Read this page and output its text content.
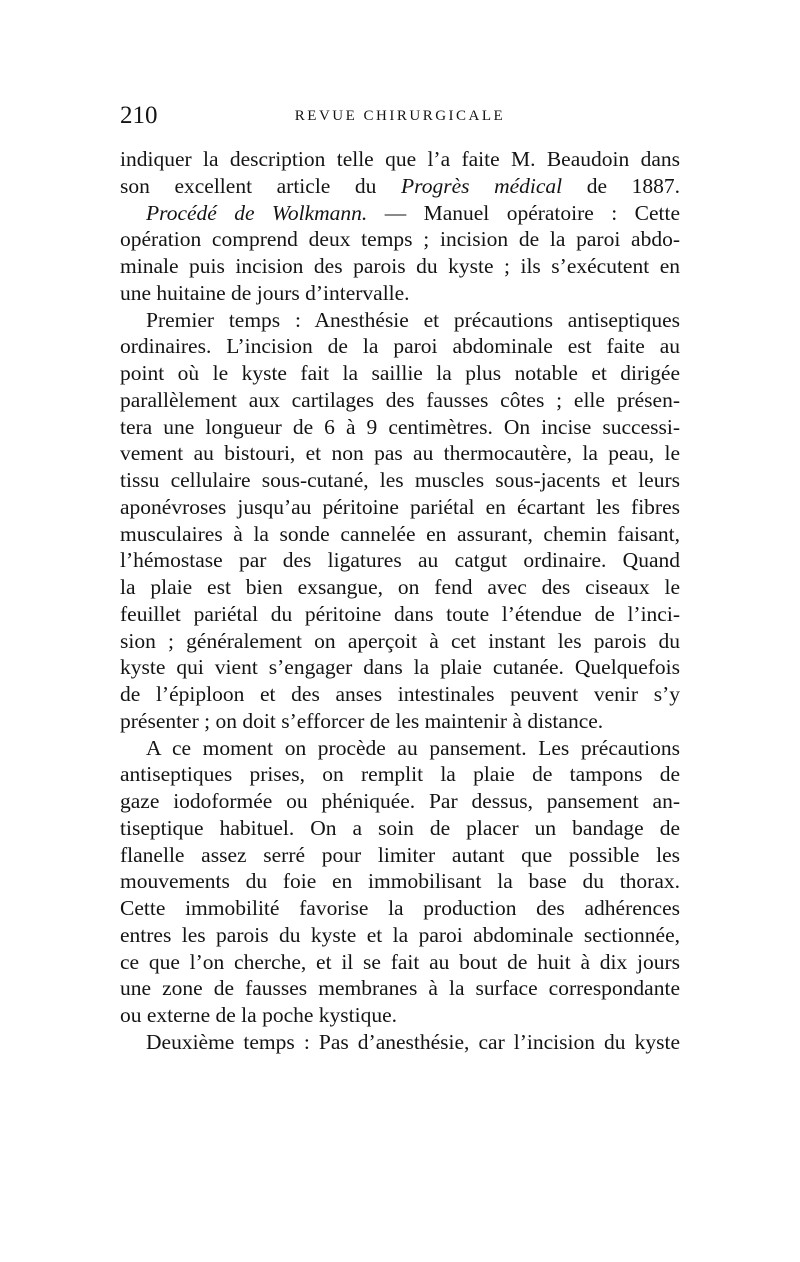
210	REVUE CHIRURGICALE
indiquer la description telle que l’a faite M. Beaudoin dans
son excellent article du Progrès médical de 1887.
Procédé de Wolkmann. — Manuel opératoire : Cette
opération comprend deux temps ; incision de la paroi abdo-
minale puis incision des parois du kyste ; ils s’exécutent en
une huitaine de jours d’intervalle.
Premier temps : Anesthésie et précautions antiseptiques
ordinaires. L’incision de la paroi abdominale est faite au
point où le kyste fait la saillie la plus notable et dirigée
parallèlement aux cartilages des fausses côtes ; elle présen-
tera une longueur de 6 à 9 centimètres. On incise successi-
vement au bistouri, et non pas au thermocautère, la peau, le
tissu cellulaire sous-cutané, les muscles sous-jacents et leurs
aponévroses jusqu’au péritoine pariétal en écartant les fibres
musculaires à la sonde cannelée en assurant, chemin faisant,
l’hémostase par des ligatures au catgut ordinaire. Quand
la plaie est bien exsangue, on fend avec des ciseaux le
feuillet pariétal du péritoine dans toute l’étendue de l’inci-
sion ; généralement on aperçoit à cet instant les parois du
kyste qui vient s’engager dans la plaie cutanée. Quelquefois
de l’épiploon et des anses intestinales peuvent venir s’y
présenter ; on doit s’efforcer de les maintenir à distance.
A ce moment on procède au pansement. Les précautions
antiseptiques prises, on remplit la plaie de tampons de
gaze iodoformée ou phéniquée. Par dessus, pansement an-
tiseptique habituel. On a soin de placer un bandage de
flanelle assez serré pour limiter autant que possible les
mouvements du foie en immobilisant la base du thorax.
Cette immobilité favorise la production des adhérences
entres les parois du kyste et la paroi abdominale sectionnée,
ce que l’on cherche, et il se fait au bout de huit à dix jours
une zone de fausses membranes à la surface correspondante
ou externe de la poche kystique.
Deuxième temps : Pas d’anesthésie, car l’incision du kyste
